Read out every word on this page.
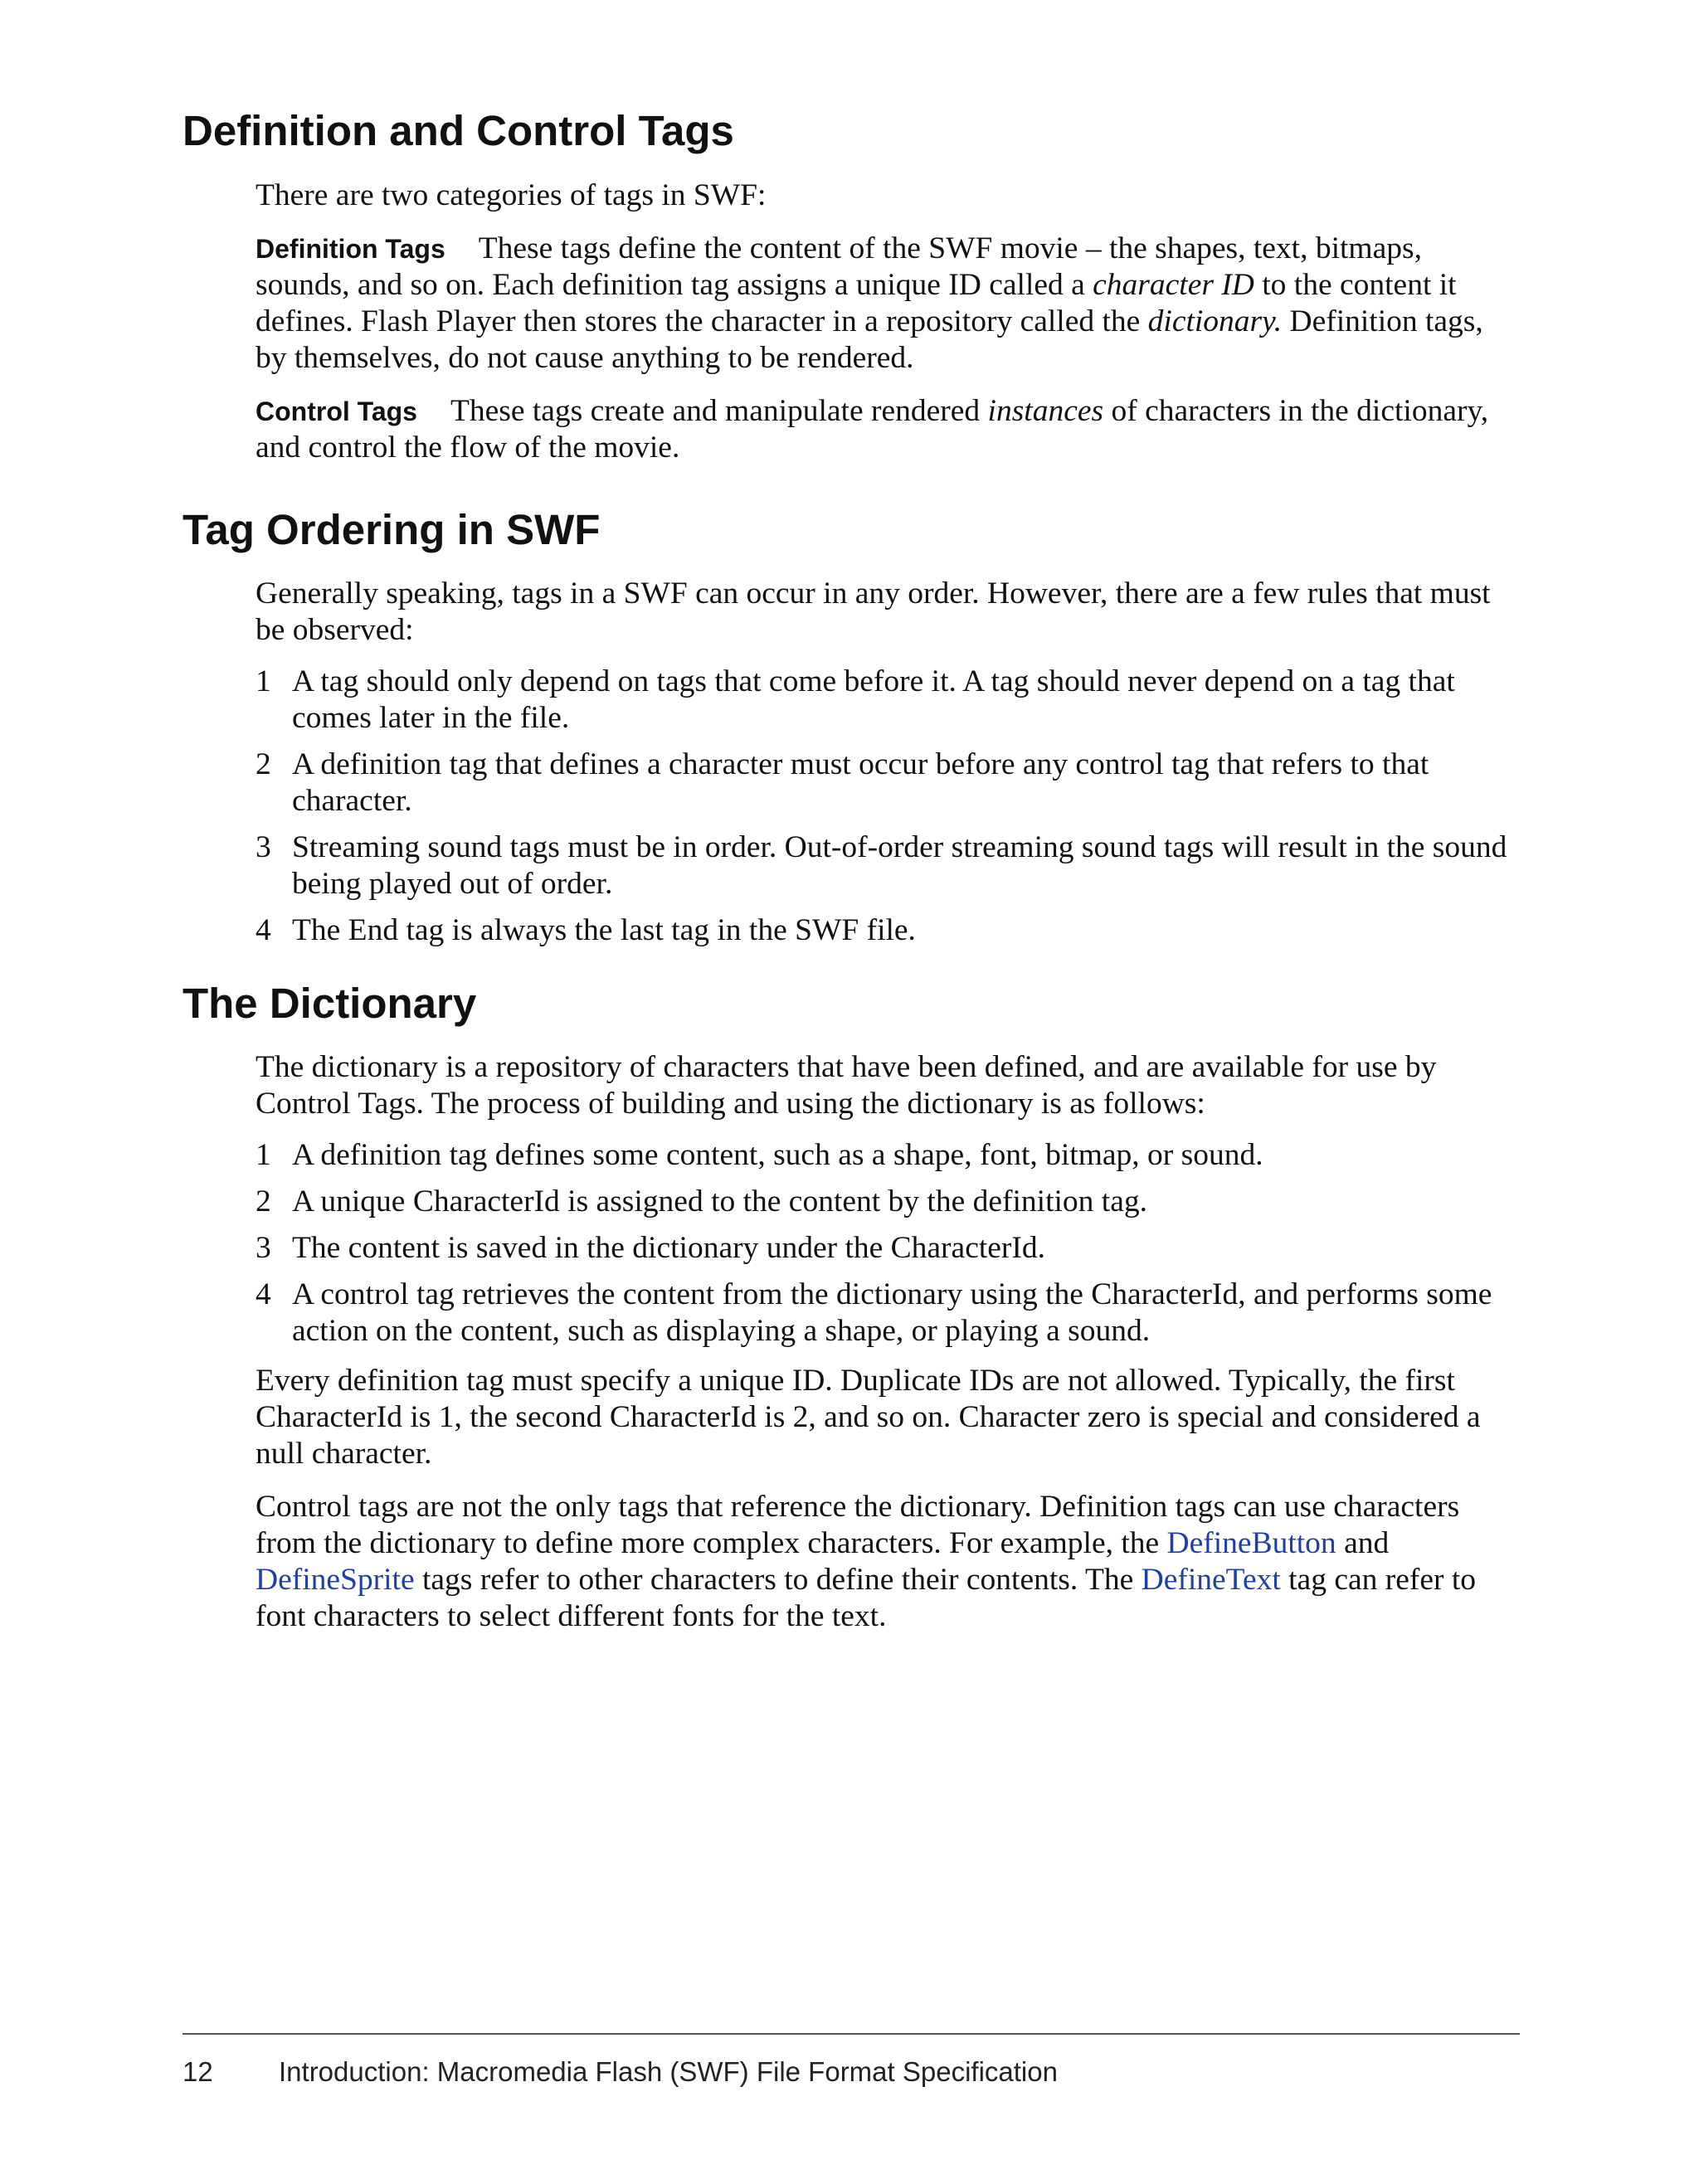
Definition and Control Tags

There are two categories of tags in SWF:

Definition Tags These tags define the content of the SWF movie – the shapes, text, bitmaps, sounds, and so on. Each definition tag assigns a unique ID called a character ID to the content it defines. Flash Player then stores the character in a repository called the dictionary. Definition tags, by themselves, do not cause anything to be rendered.
Control Tags These tags create and manipulate rendered instances of characters in the dictionary, and control the flow of the movie.
Tag Ordering in SWF

Generally speaking, tags in a SWF can occur in any order. However, there are a few rules that must be observed:

1 A tag should only depend on tags that come before it. A tag should never depend on a tag that comes later in the file.
2 A definition tag that defines a character must occur before any control tag that refers to that character.
3 Streaming sound tags must be in order. Out-of-order streaming sound tags will result in the sound being played out of order.
4 The End tag is always the last tag in the SWF file.
The Dictionary

The dictionary is a repository of characters that have been defined, and are available for use by Control Tags. The process of building and using the dictionary is as follows:

1 A definition tag defines some content, such as a shape, font, bitmap, or sound.
2 A unique CharacterId is assigned to the content by the definition tag.
3 The content is saved in the dictionary under the CharacterId.
4 A control tag retrieves the content from the dictionary using the CharacterId, and performs some action on the content, such as displaying a shape, or playing a sound.

Every definition tag must specify a unique ID. Duplicate IDs are not allowed. Typically, the first CharacterId is 1, the second CharacterId is 2, and so on. Character zero is special and considered a null character.

Control tags are not the only tags that reference the dictionary. Definition tags can use characters from the dictionary to define more complex characters. For example, the DefineButton and DefineSprite tags refer to other characters to define their contents. The DefineText tag can refer to font characters to select different fonts for the text.

12 Introduction: Macromedia Flash (SWF) File Format Specification
